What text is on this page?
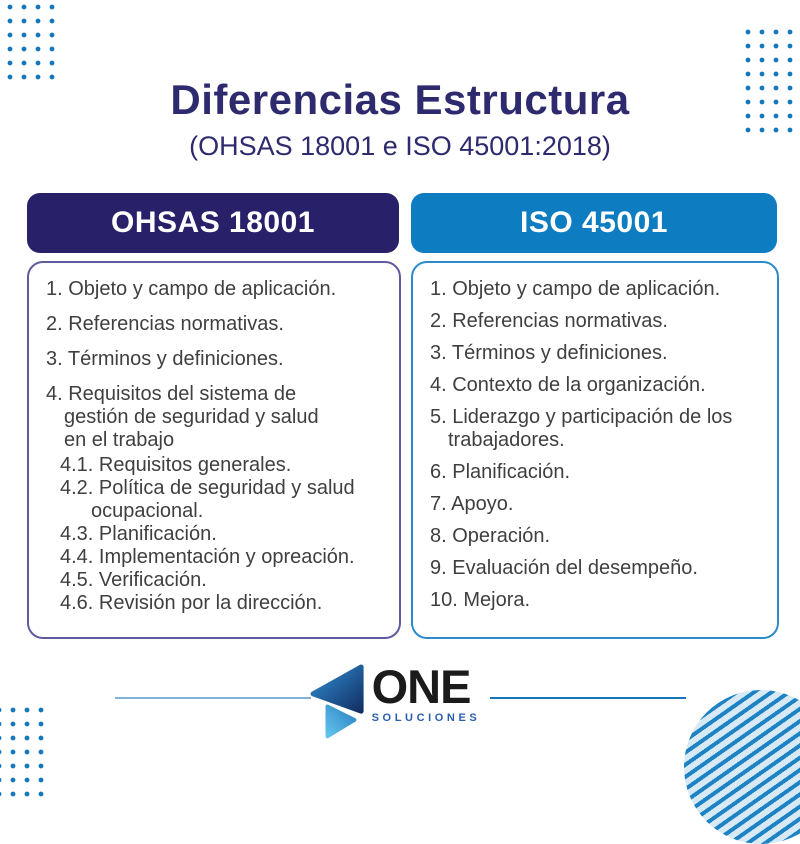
Diferencias Estructura
(OHSAS 18001 e ISO 45001:2018)
OHSAS 18001	ISO 45001
1. Objeto y campo de aplicación.
2. Referencias normativas.
3. Términos y definiciones.
4. Requisitos del sistema de
gestión de seguridad y salud
en el trabajo
4.1. Requisitos generales.
4.2. Política de seguridad y salud
ocupacional.
4.3. Planificación.
4.4. Implementación y opreación.
4.5. Verificación.
4.6. Revisión por la dirección.
1. Objeto y campo de aplicación.
2. Referencias normativas.
3. Términos y definiciones.
4. Contexto de la organización.
5. Liderazgo y participación de los
trabajadores.
6. Planificación.
7. Apoyo.
8. Operación.
9. Evaluación del desempeño.
10. Mejora.
ONE
SOLUCIONES
